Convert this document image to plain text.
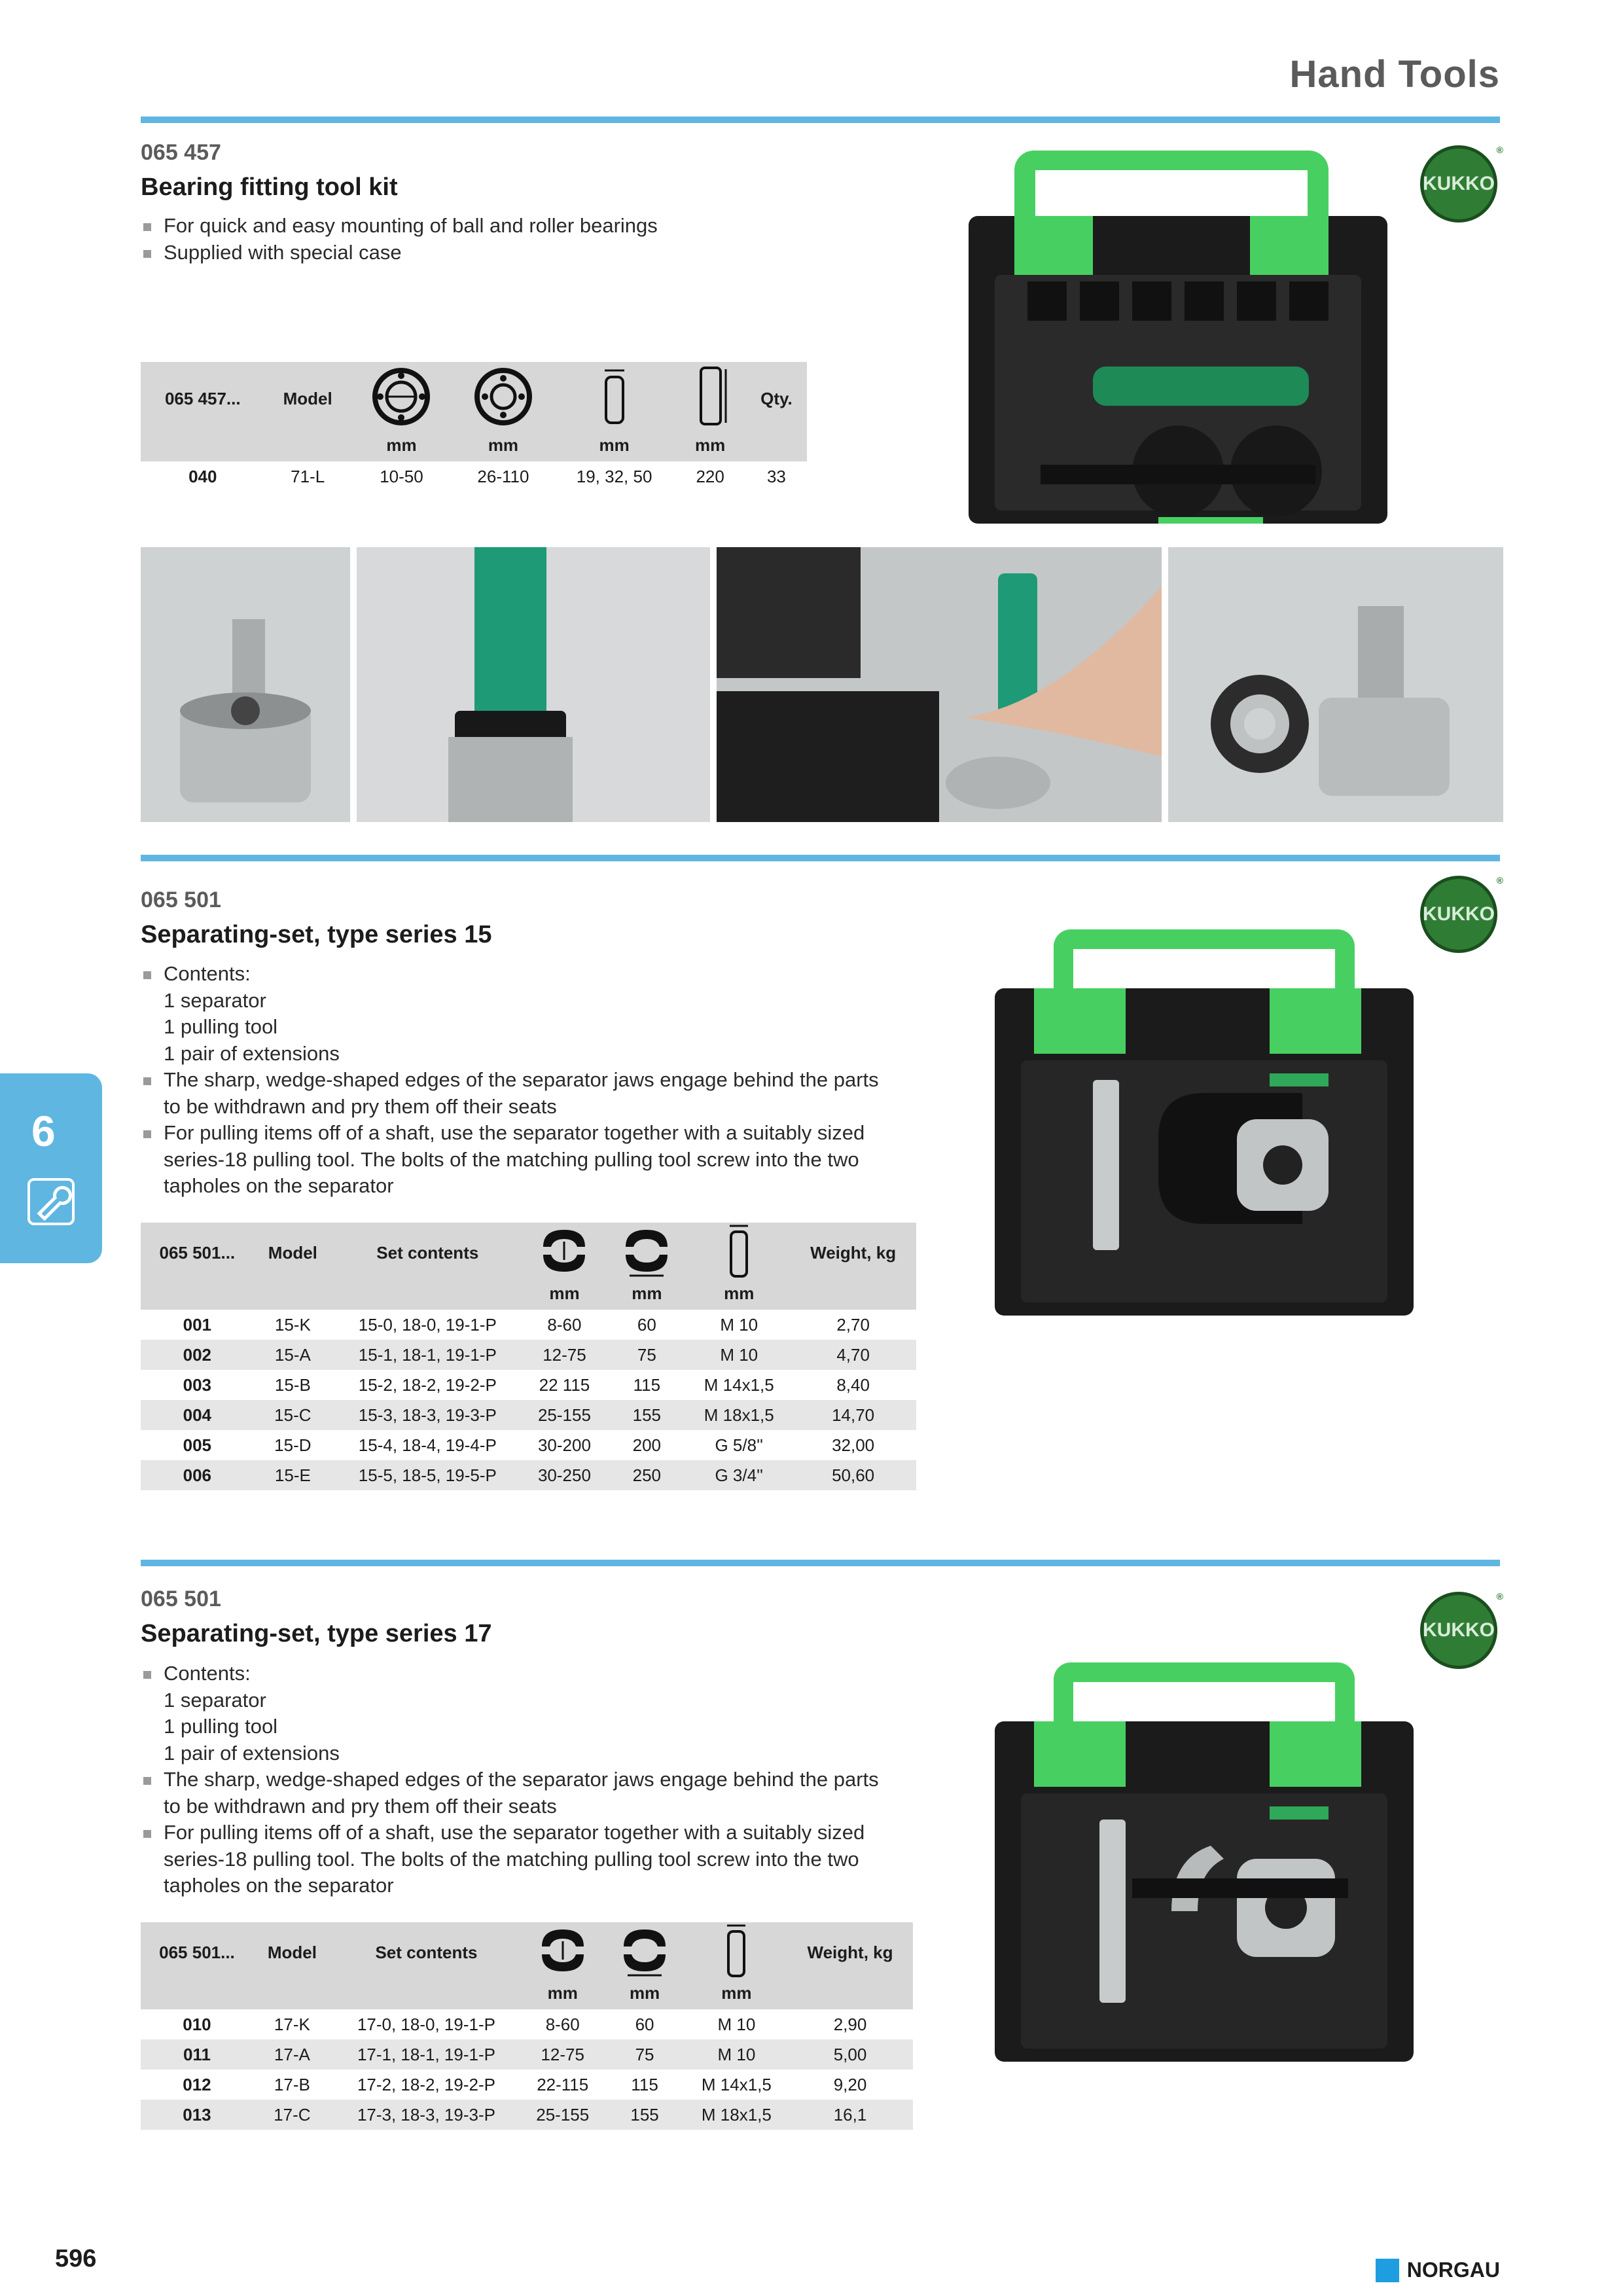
Hand Tools
065 457
Bearing fitting tool kit
For quick and easy mounting of ball and roller bearings
Supplied with special case
065 457...	Model					Qty.
		mm	mm	mm	mm	
040	71-L	10-50	26-110	19, 32, 50	220	33
KUKKO
®
065 501
Separating-set, type series 15
Contents:
1 separator
1 pulling tool
1 pair of extensions
The sharp, wedge-shaped edges of the separator jaws engage behind the parts to be withdrawn and pry them off their seats
For pulling items off of a shaft, use the separator together with a suitably sized series-18 pulling tool. The bolts of the matching pulling tool screw into the two tapholes on the separator
065 501...	Model	Set contents				Weight, kg
			mm	mm	mm	
001	15-K	15-0, 18-0, 19-1-P	8-60	60	M 10	2,70
002	15-A	15-1, 18-1, 19-1-P	12-75	75	M 10	4,70
003	15-B	15-2, 18-2, 19-2-P	22 115	115	M 14x1,5	8,40
004	15-C	15-3, 18-3, 19-3-P	25-155	155	M 18x1,5	14,70
005	15-D	15-4, 18-4, 19-4-P	30-200	200	G 5/8''	32,00
006	15-E	15-5, 18-5, 19-5-P	30-250	250	G 3/4''	50,60
KUKKO
®
065 501
Separating-set, type series 17
Contents:
1 separator
1 pulling tool
1 pair of extensions
The sharp, wedge-shaped edges of the separator jaws engage behind the parts to be withdrawn and pry them off their seats
For pulling items off of a shaft, use the separator together with a suitably sized series-18 pulling tool. The bolts of the matching pulling tool screw into the two tapholes on the separator
065 501...	Model	Set contents				Weight, kg
			mm	mm	mm	
010	17-K	17-0, 18-0, 19-1-P	8-60	60	M 10	2,90
011	17-A	17-1, 18-1, 19-1-P	12-75	75	M 10	5,00
012	17-B	17-2, 18-2, 19-2-P	22-115	115	M 14x1,5	9,20
013	17-C	17-3, 18-3, 19-3-P	25-155	155	M 18x1,5	16,1
KUKKO
®
6
596	NORGAU
